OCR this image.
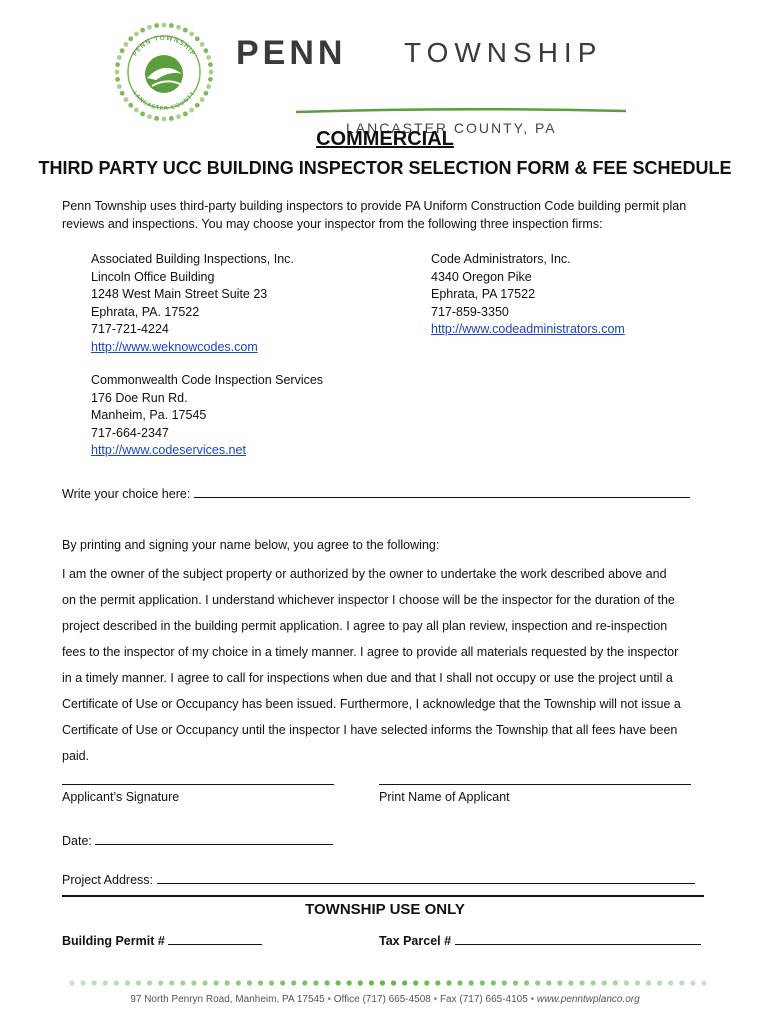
PENN TOWNSHIP
LANCASTER COUNTY
PENN TOWNSHIP
LANCASTER COUNTY, PA
COMMERCIAL
THIRD PARTY UCC BUILDING INSPECTOR SELECTION FORM & FEE SCHEDULE
Penn Township uses third-party building inspectors to provide PA Uniform Construction Code building permit plan reviews and inspections. You may choose your inspector from the following three inspection firms:
Associated Building Inspections, Inc.
Lincoln Office Building
1248 West Main Street Suite 23
Ephrata, PA. 17522
717-721-4224
http://www.weknowcodes.com
Code Administrators, Inc.
4340 Oregon Pike
Ephrata, PA 17522
717-859-3350
http://www.codeadministrators.com
Commonwealth Code Inspection Services
176 Doe Run Rd.
Manheim, Pa. 17545
717-664-2347
http://www.codeservices.net
Write your choice here:
By printing and signing your name below, you agree to the following:
I am the owner of the subject property or authorized by the owner to undertake the work described above and
on the permit application. I understand whichever inspector I choose will be the inspector for the duration of the
project described in the building permit application. I agree to pay all plan review, inspection and re-inspection
fees to the inspector of my choice in a timely manner. I agree to provide all materials requested by the inspector
in a timely manner. I agree to call for inspections when due and that I shall not occupy or use the project until a
Certificate of Use or Occupancy has been issued. Furthermore, I acknowledge that the Township will not issue a
Certificate of Use or Occupancy until the inspector I have selected informs the Township that all fees have been
paid.
Applicant’s Signature	Print Name of Applicant
Date:
Project Address:
TOWNSHIP USE ONLY
Building Permit #	Tax Parcel #
97 North Penryn Road, Manheim, PA 17545 • Office (717) 665-4508 • Fax (717) 665-4105 • www.penntwplanco.org
